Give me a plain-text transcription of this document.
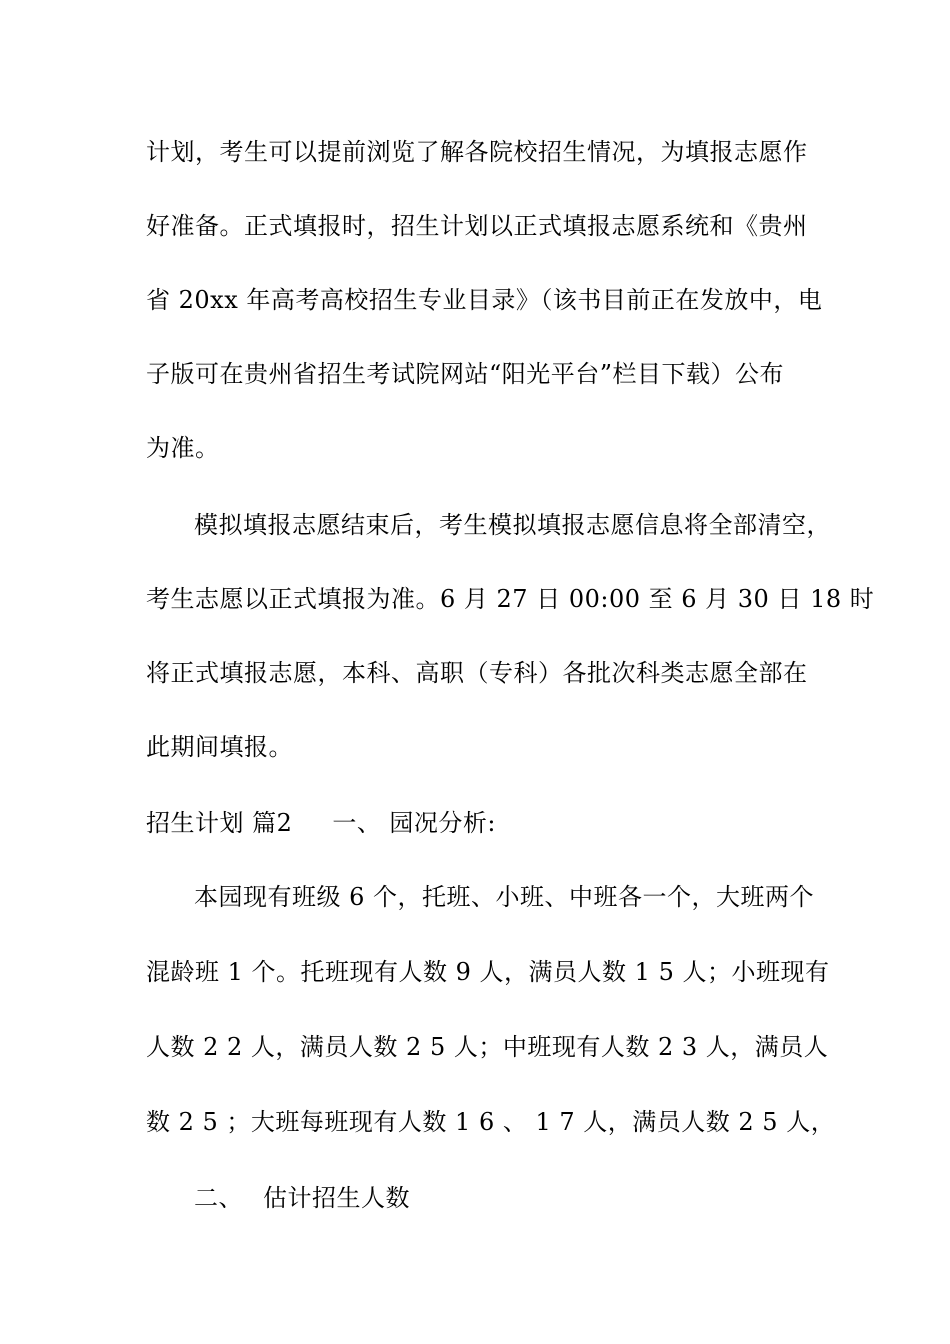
计划，考生可以提前浏览了解各院校招生情况，为填报志愿作
好准备。正式填报时，招生计划以正式填报志愿系统和《贵州
省 20xx 年高考高校招生专业目录》（该书目前正在发放中，电
子版可在贵州省招生考试院网站“阳光平台”栏目下载）公布
为准。
模拟填报志愿结束后，考生模拟填报志愿信息将全部清空，
考生志愿以正式填报为准。6 月 27 日 00:00 至 6 月 30 日 18 时
将正式填报志愿，本科、高职（专科）各批次科类志愿全部在
此期间填报。
招生计划 篇2 一、 园况分析:
本园现有班级 6 个，托班、小班、中班各一个，大班两个
混龄班 1 个。托班现有人数 9 人，满员人数 1 5 人；小班现有
人数 2 2 人，满员人数 2 5 人；中班现有人数 2 3 人，满员人
数 2 5 ；大班每班现有人数 1 6 、 1 7 人，满员人数 2 5 人，
二、 估计招生人数
